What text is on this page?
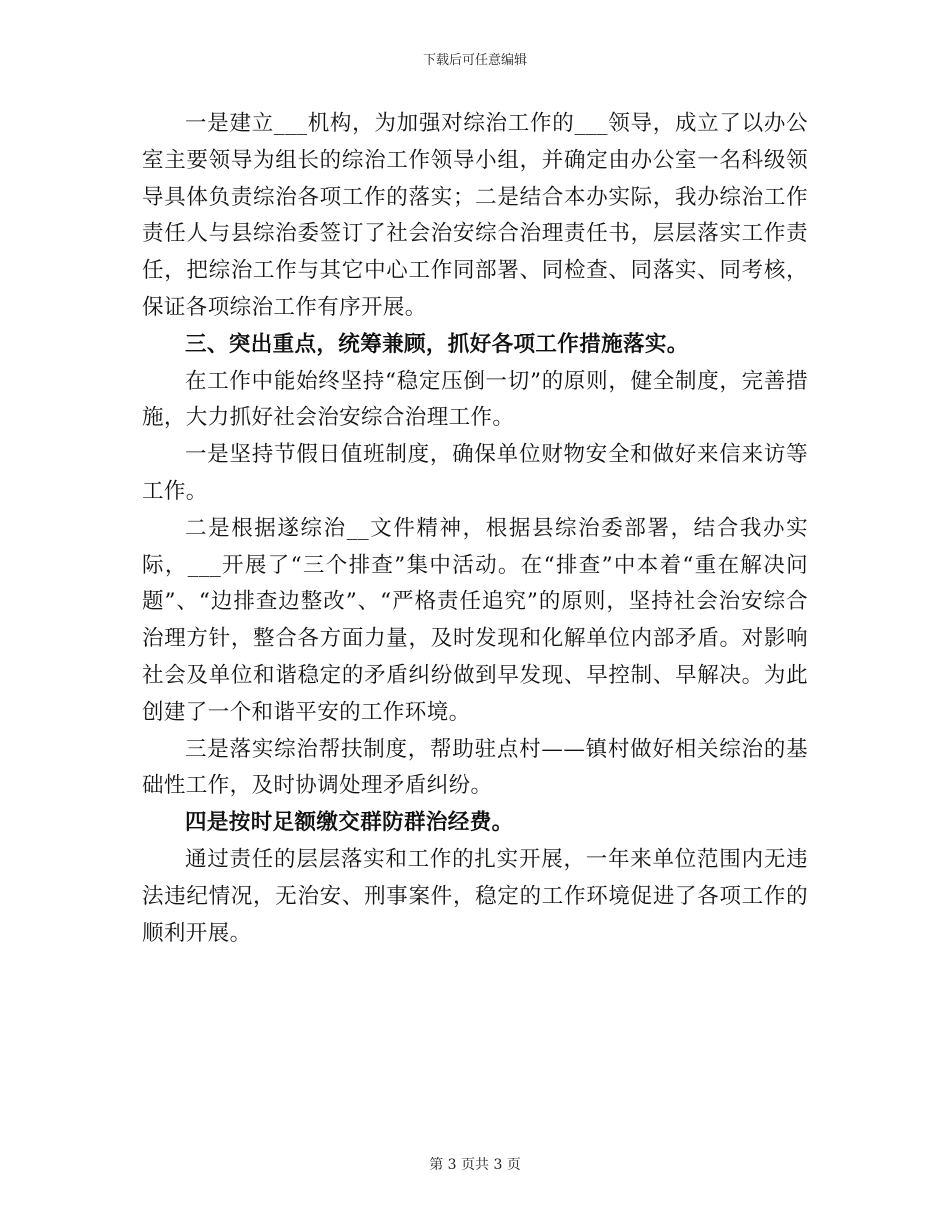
下载后可任意编辑

一是建立___机构，为加强对综治工作的___领导，成立了以办公室主要领导为组长的综治工作领导小组，并确定由办公室一名科级领导具体负责综治各项工作的落实；二是结合本办实际，我办综治工作责任人与县综治委签订了社会治安综合治理责任书，层层落实工作责任，把综治工作与其它中心工作同部署、同检查、同落实、同考核，保证各项综治工作有序开展。

三、突出重点，统筹兼顾，抓好各项工作措施落实。

在工作中能始终坚持“稳定压倒一切”的原则，健全制度，完善措施，大力抓好社会治安综合治理工作。

一是坚持节假日值班制度，确保单位财物安全和做好来信来访等工作。

二是根据遂综治__文件精神，根据县综治委部署，结合我办实际，___开展了“三个排查”集中活动。在“排查”中本着“重在解决问题”、“边排查边整改”、“严格责任追究”的原则，坚持社会治安综合治理方针，整合各方面力量，及时发现和化解单位内部矛盾。对影响社会及单位和谐稳定的矛盾纠纷做到早发现、早控制、早解决。为此创建了一个和谐平安的工作环境。

三是落实综治帮扶制度，帮助驻点村——镇村做好相关综治的基础性工作，及时协调处理矛盾纠纷。

四是按时足额缴交群防群治经费。

通过责任的层层落实和工作的扎实开展，一年来单位范围内无违法违纪情况，无治安、刑事案件，稳定的工作环境促进了各项工作的顺利开展。

第 3 页共 3 页
